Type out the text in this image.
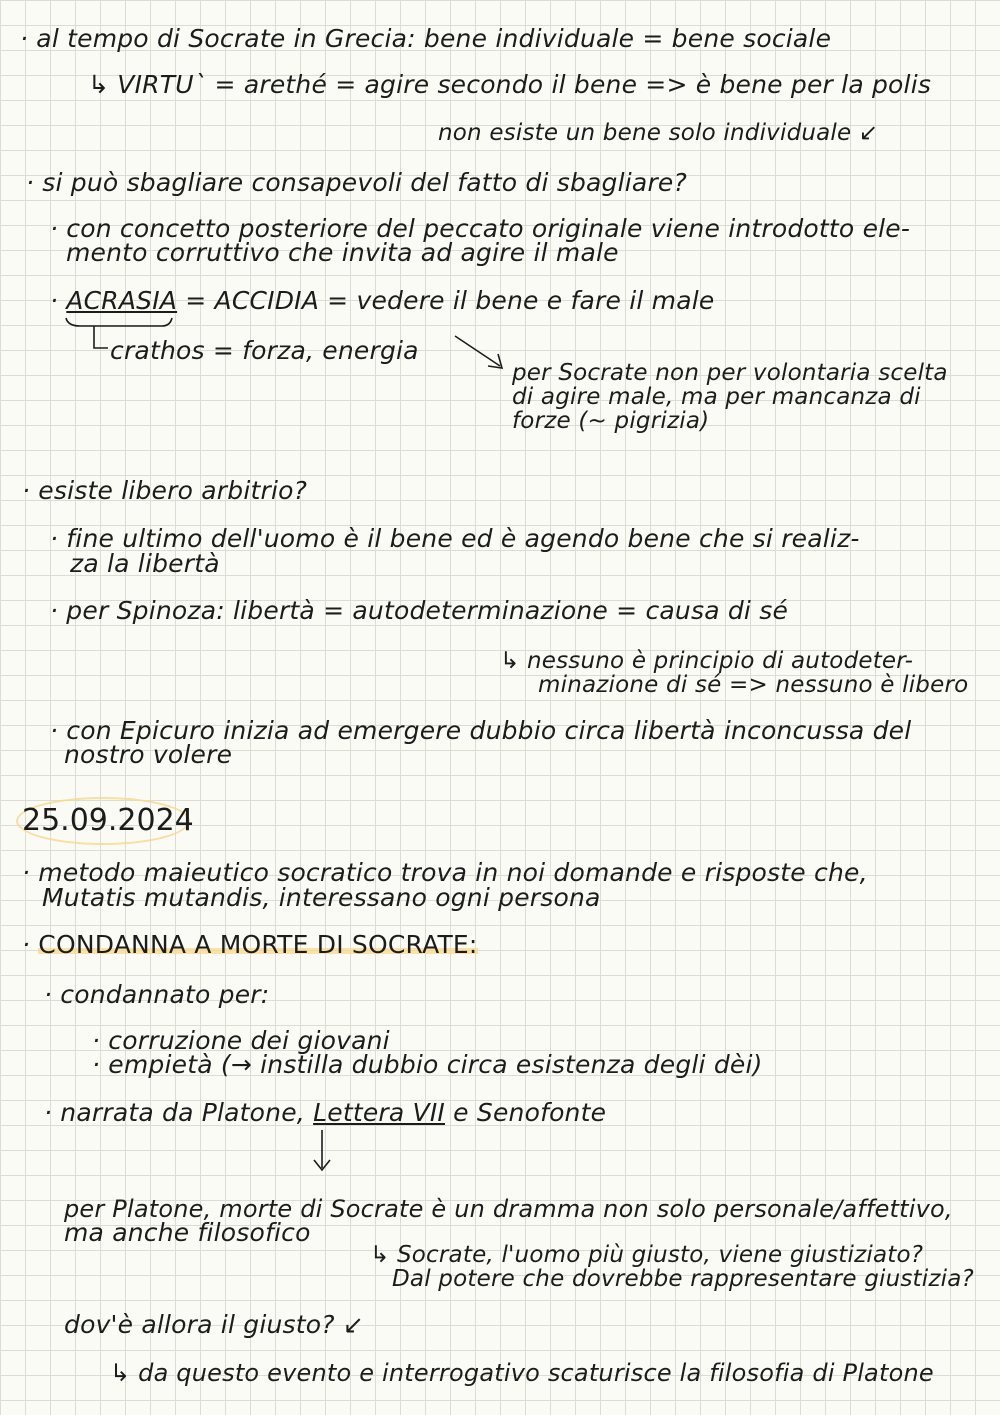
· al tempo di Socrate in Grecia: bene individuale = bene sociale
↳ VIRTU` = arethé = agire secondo il bene => è bene per la polis
non esiste un bene solo individuale ↙
· si può sbagliare consapevoli del fatto di sbagliare?
· con concetto posteriore del peccato originale viene introdotto ele-
mento corruttivo che invita ad agire il male
· ACRASIA = ACCIDIA = vedere il bene e fare il male
crathos = forza, energia
per Socrate non per volontaria scelta
di agire male, ma per mancanza di
forze (~ pigrizia)
· esiste libero arbitrio?
· fine ultimo dell'uomo è il bene ed è agendo bene che si realiz-
za la libertà
· per Spinoza: libertà = autodeterminazione = causa di sé
↳ nessuno è principio di autodeter-
minazione di sé => nessuno è libero
· con Epicuro inizia ad emergere dubbio circa libertà inconcussa del
nostro volere
25.09.2024
· metodo maieutico socratico trova in noi domande e risposte che,
Mutatis mutandis, interessano ogni persona
· CONDANNA A MORTE DI SOCRATE:
· condannato per:
· corruzione dei giovani
· empietà (→ instilla dubbio circa esistenza degli dèi)
· narrata da Platone, Lettera VII e Senofonte
per Platone, morte di Socrate è un dramma non solo personale/affettivo,
ma anche filosofico
↳ Socrate, l'uomo più giusto, viene giustiziato?
Dal potere che dovrebbe rappresentare giustizia?
dov'è allora il giusto? ↙
↳ da questo evento e interrogativo scaturisce la filosofia di Platone
